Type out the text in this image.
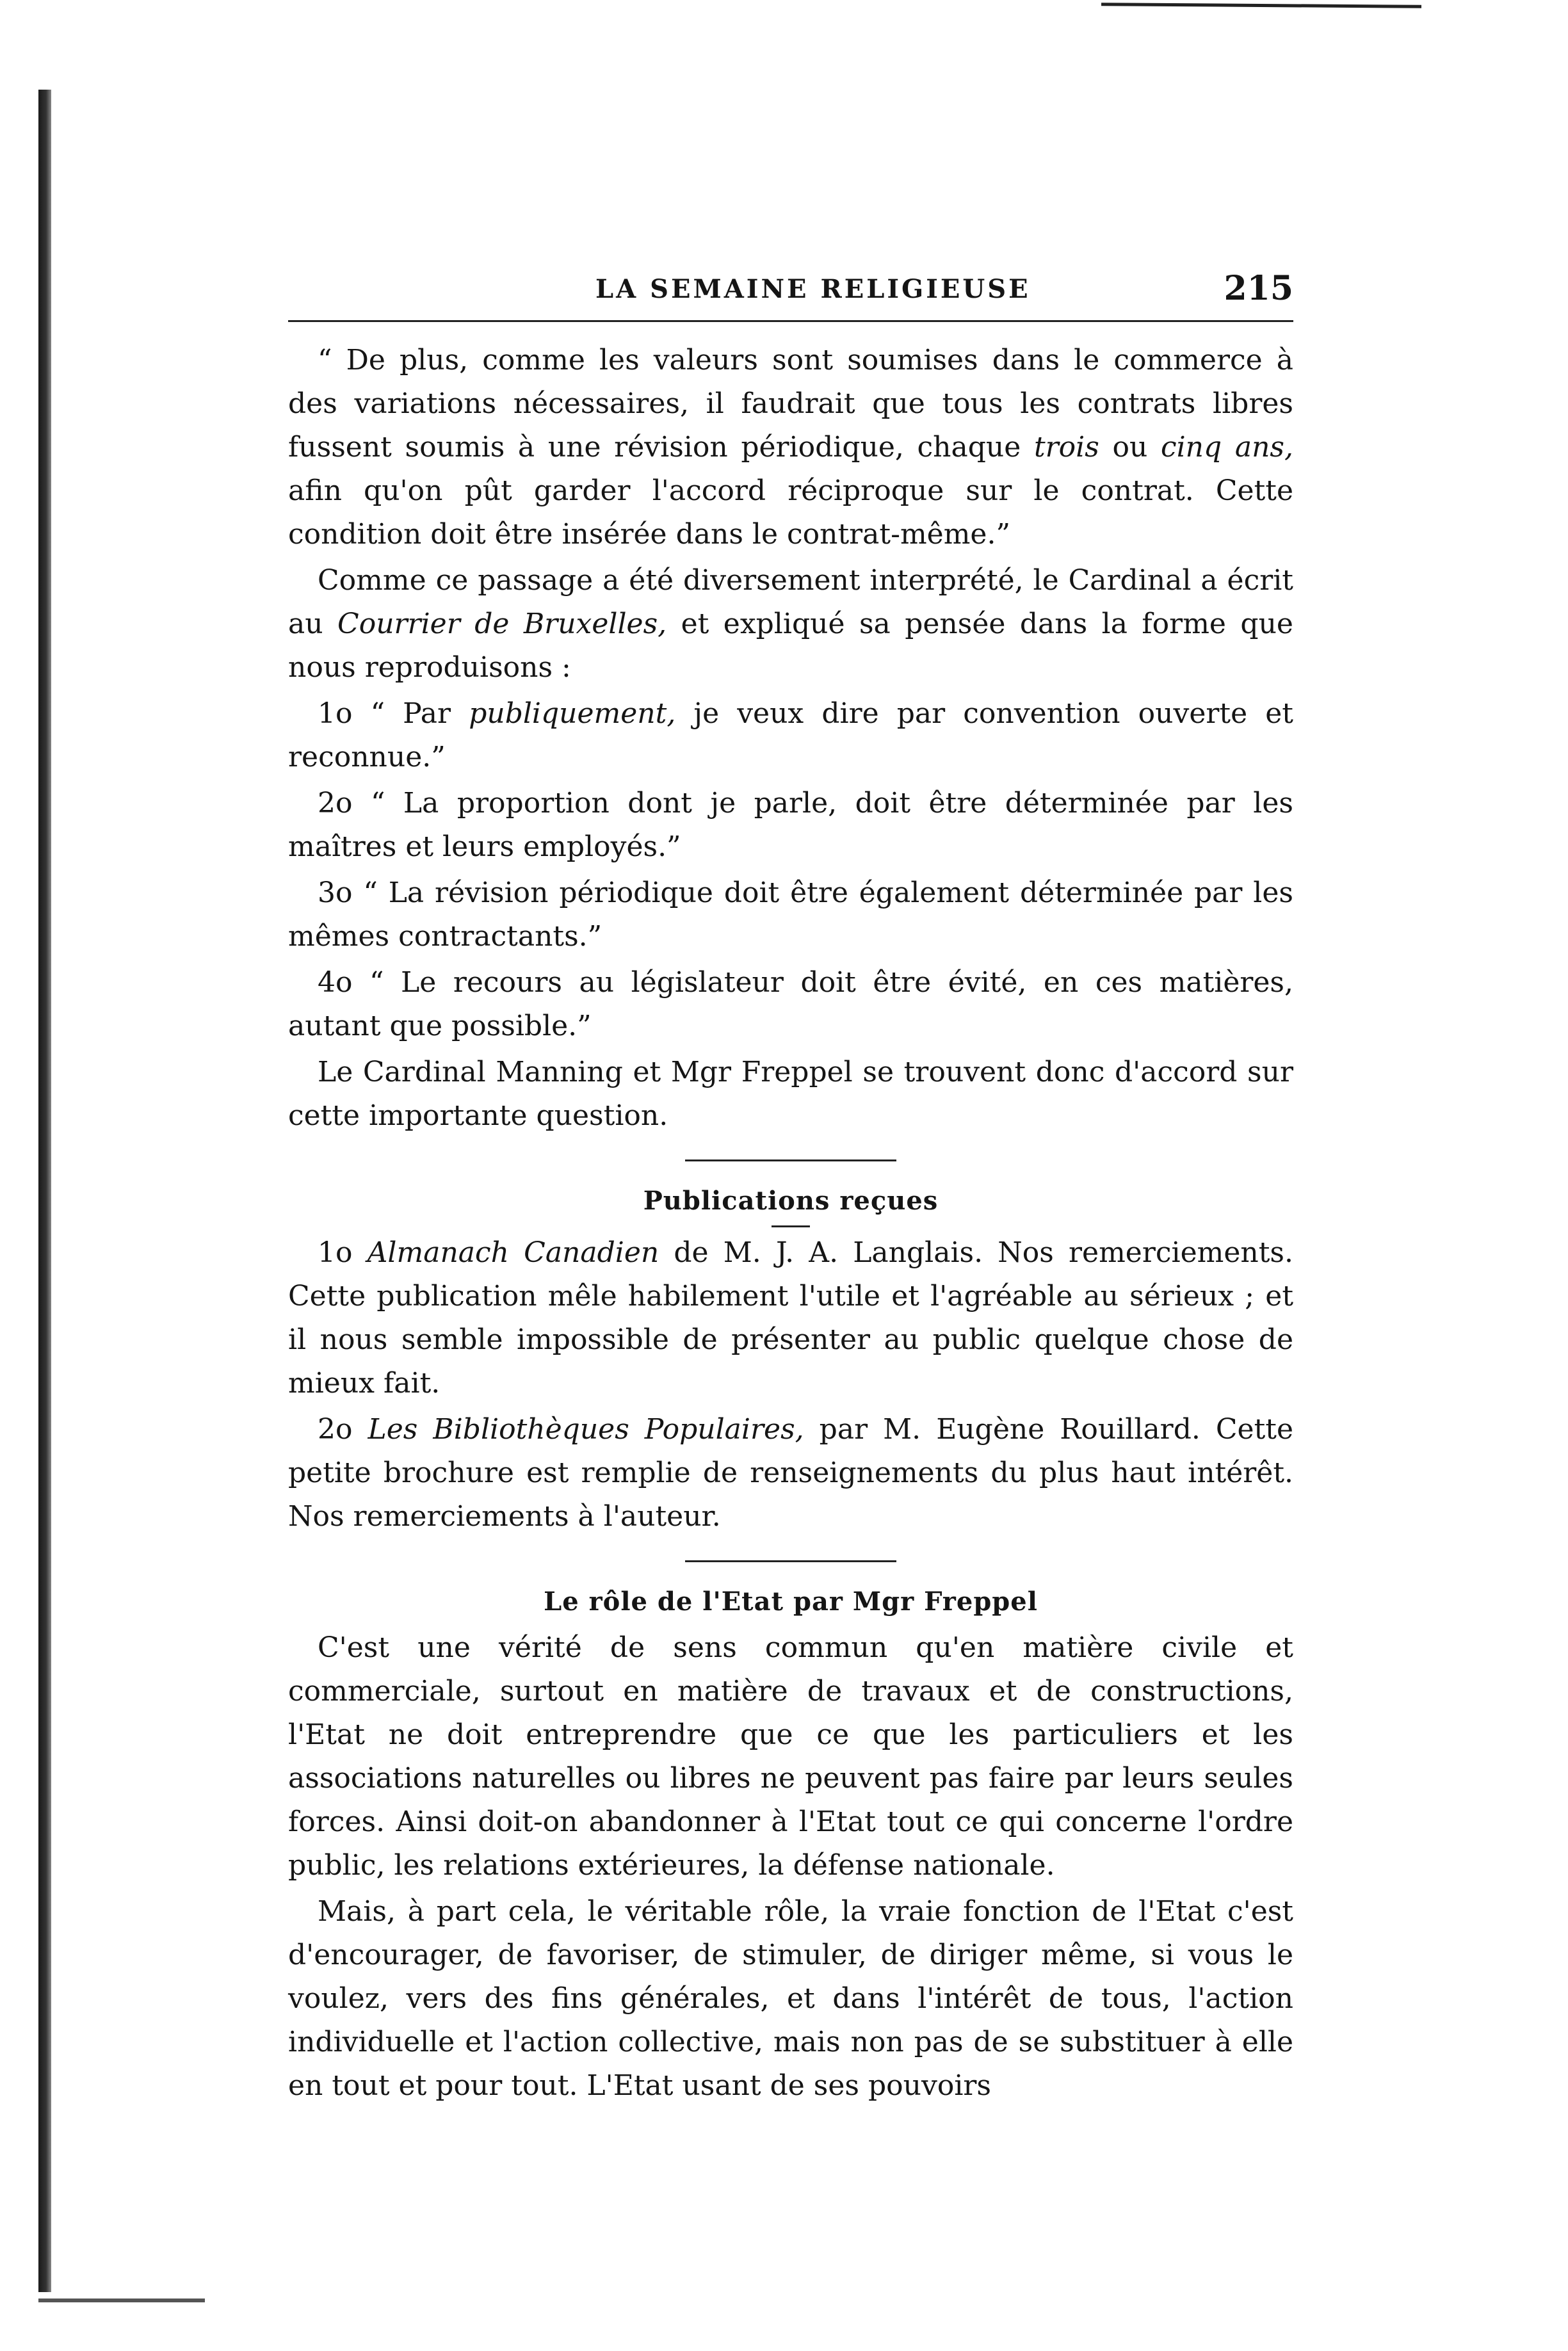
LA SEMAINE RELIGIEUSE	215

“ De plus, comme les valeurs sont soumises dans le commerce à des variations nécessaires, il faudrait que tous les contrats libres fussent soumis à une révision périodique, chaque trois ou cinq ans, afin qu'on pût garder l'accord réciproque sur le contrat. Cette condition doit être insérée dans le contrat-même.”

Comme ce passage a été diversement interprété, le Cardinal a écrit au Courrier de Bruxelles, et expliqué sa pensée dans la forme que nous reproduisons :

1o “ Par publiquement, je veux dire par convention ouverte et reconnue.”

2o “ La proportion dont je parle, doit être déterminée par les maîtres et leurs employés.”

3o “ La révision périodique doit être également déterminée par les mêmes contractants.”

4o “ Le recours au législateur doit être évité, en ces matières, autant que possible.”

Le Cardinal Manning et Mgr Freppel se trouvent donc d'accord sur cette importante question.

Publications reçues

1o Almanach Canadien de M. J. A. Langlais. Nos remerciements. Cette publication mêle habilement l'utile et l'agréable au sérieux ; et il nous semble impossible de présenter au public quelque chose de mieux fait.

2o Les Bibliothèques Populaires, par M. Eugène Rouillard. Cette petite brochure est remplie de renseignements du plus haut intérêt. Nos remerciements à l'auteur.

Le rôle de l'Etat par Mgr Freppel

C'est une vérité de sens commun qu'en matière civile et commerciale, surtout en matière de travaux et de constructions, l'Etat ne doit entreprendre que ce que les particuliers et les associations naturelles ou libres ne peuvent pas faire par leurs seules forces. Ainsi doit-on abandonner à l'Etat tout ce qui concerne l'ordre public, les relations extérieures, la défense nationale.

Mais, à part cela, le véritable rôle, la vraie fonction de l'Etat c'est d'encourager, de favoriser, de stimuler, de diriger même, si vous le voulez, vers des fins générales, et dans l'intérêt de tous, l'action individuelle et l'action collective, mais non pas de se substituer à elle en tout et pour tout. L'Etat usant de ses pouvoirs
